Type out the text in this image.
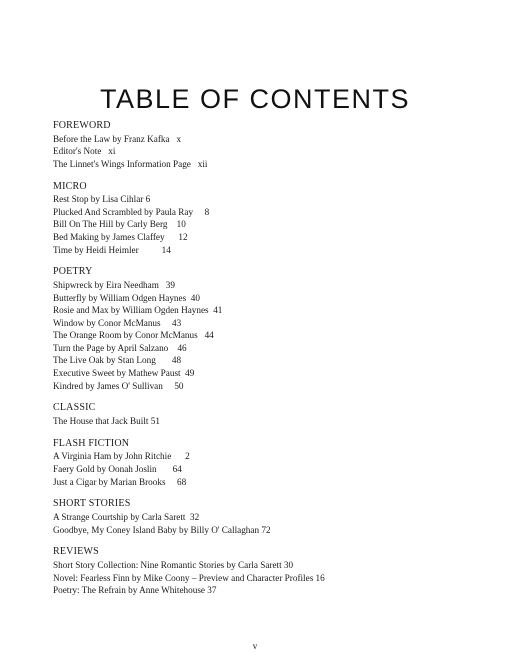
TABLE OF CONTENTS
FOREWORD
Before the Law by Franz Kafka   x
Editor's Note   xi
The Linnet's Wings Information Page   xii
MICRO
Rest Stop by Lisa Cihlar 6
Plucked And Scrambled by Paula Ray     8
Bill On The Hill by Carly Berg    10
Bed Making by James Claffey      12
Time by Heidi Heimler          14
POETRY
Shipwreck by Eira Needham   39
Butterfly by William Odgen Haynes  40
Rosie and Max by William Ogden Haynes  41
Window by Conor McManus     43
The Orange Room by Conor McManus   44
Turn the Page by April Salzano    46
The Live Oak by Stan Long       48
Executive Sweet by Mathew Paust  49
Kindred by James O' Sullivan     50
CLASSIC
The House that Jack Built 51
FLASH FICTION
A Virginia Ham by John Ritchie      2
Faery Gold by Oonah Joslin       64
Just a Cigar by Marian Brooks     68
SHORT STORIES
A Strange Courtship by Carla Sarett  32
Goodbye, My Coney Island Baby by Billy O' Callaghan 72
REVIEWS
Short Story Collection: Nine Romantic Stories by Carla Sarett 30
Novel: Fearless Finn by Mike Coony – Preview and Character Profiles 16
Poetry: The Refrain by Anne Whitehouse 37
v
